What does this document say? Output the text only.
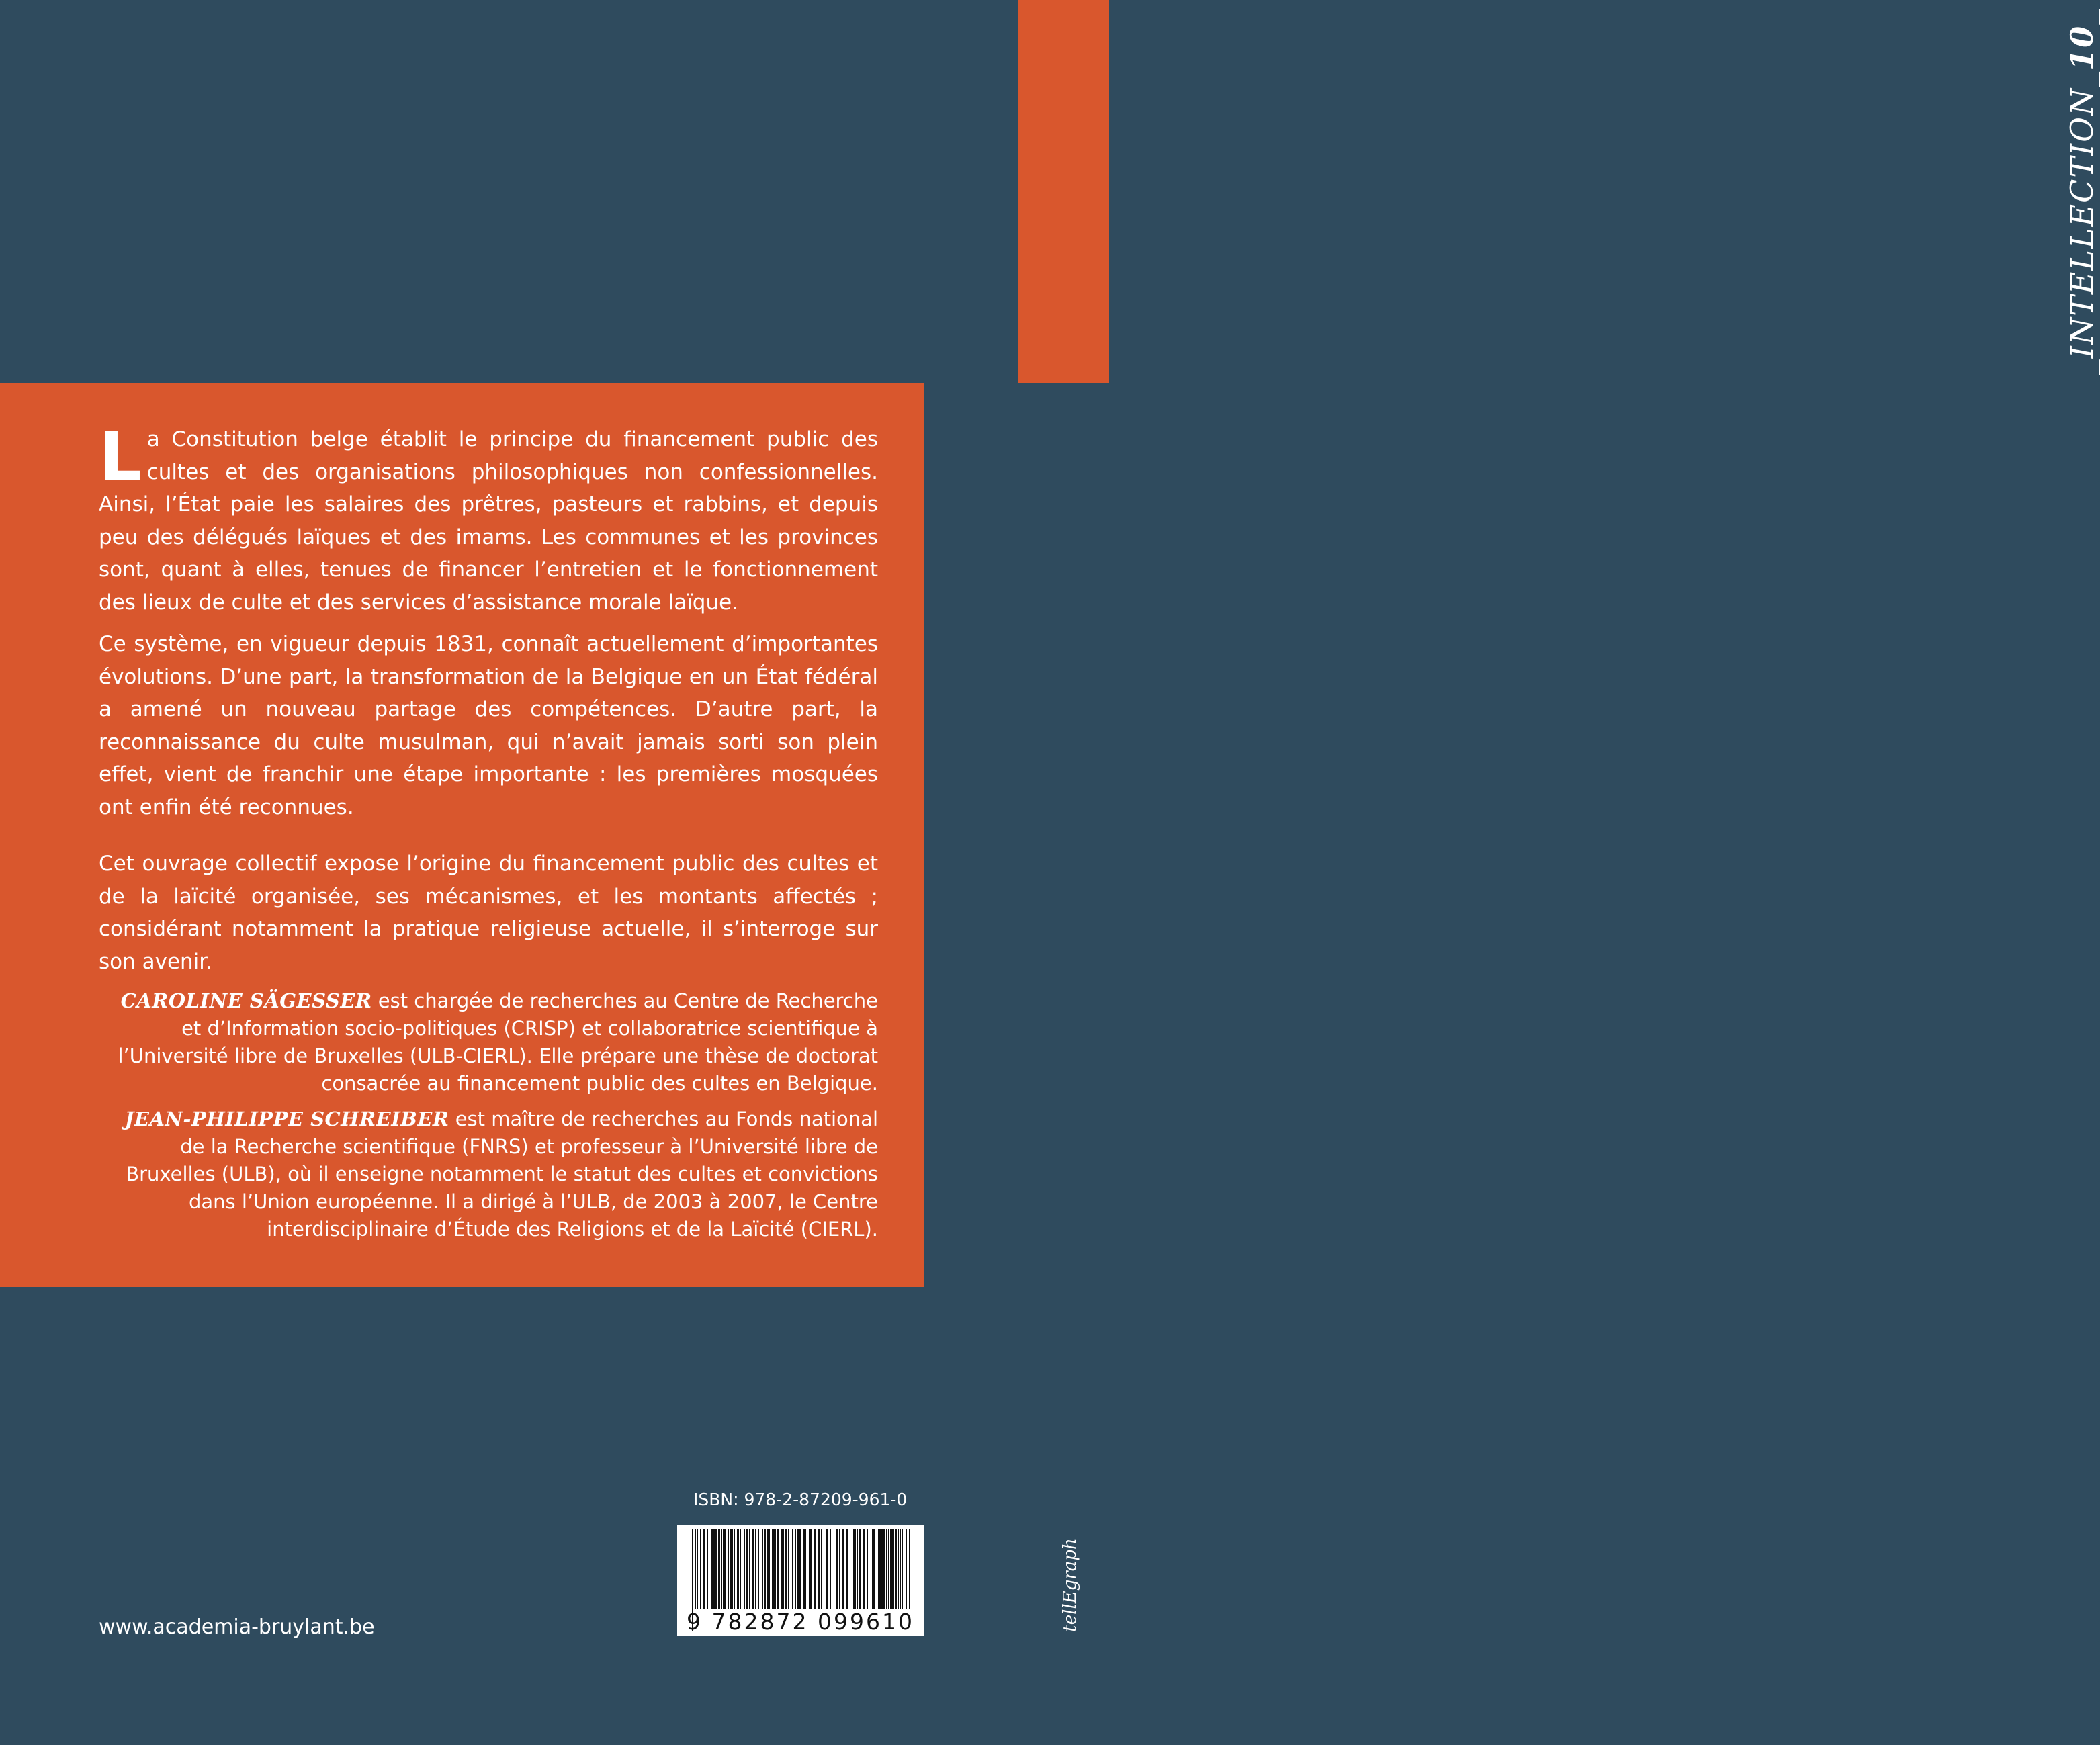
_INTELLECTION_10_

La Constitution belge établit le principe du financement public des cultes et des organisations philosophiques non confessionnelles. Ainsi, l’État paie les salaires des prêtres, pasteurs et rabbins, et depuis peu des délégués laïques et des imams. Les communes et les provinces sont, quant à elles, tenues de financer l’entretien et le fonctionnement des lieux de culte et des services d’assistance morale laïque.

Ce système, en vigueur depuis 1831, connaît actuellement d’importantes évolutions. D’une part, la transformation de la Belgique en un État fédéral a amené un nouveau partage des compétences. D’autre part, la reconnaissance du culte musulman, qui n’avait jamais sorti son plein effet, vient de franchir une étape importante : les premières mosquées ont enfin été reconnues.

Cet ouvrage collectif expose l’origine du financement public des cultes et de la laïcité organisée, ses mécanismes, et les montants affectés ; considérant notamment la pratique religieuse actuelle, il s’interroge sur son avenir.

CAROLINE SÄGESSER est chargée de recherches au Centre de Recherche et d’Information socio-politiques (CRISP) et collaboratrice scientifique à l’Université libre de Bruxelles (ULB-CIERL). Elle prépare une thèse de doctorat consacrée au financement public des cultes en Belgique.

JEAN-PHILIPPE SCHREIBER est maître de recherches au Fonds national de la Recherche scientifique (FNRS) et professeur à l’Université libre de Bruxelles (ULB), où il enseigne notamment le statut des cultes et convictions dans l’Union européenne. Il a dirigé à l’ULB, de 2003 à 2007, le Centre interdisciplinaire d’Étude des Religions et de la Laïcité (CIERL).

ISBN: 978-2-87209-961-0
9 782872 099610
www.academia-bruylant.be	tellEgraph
